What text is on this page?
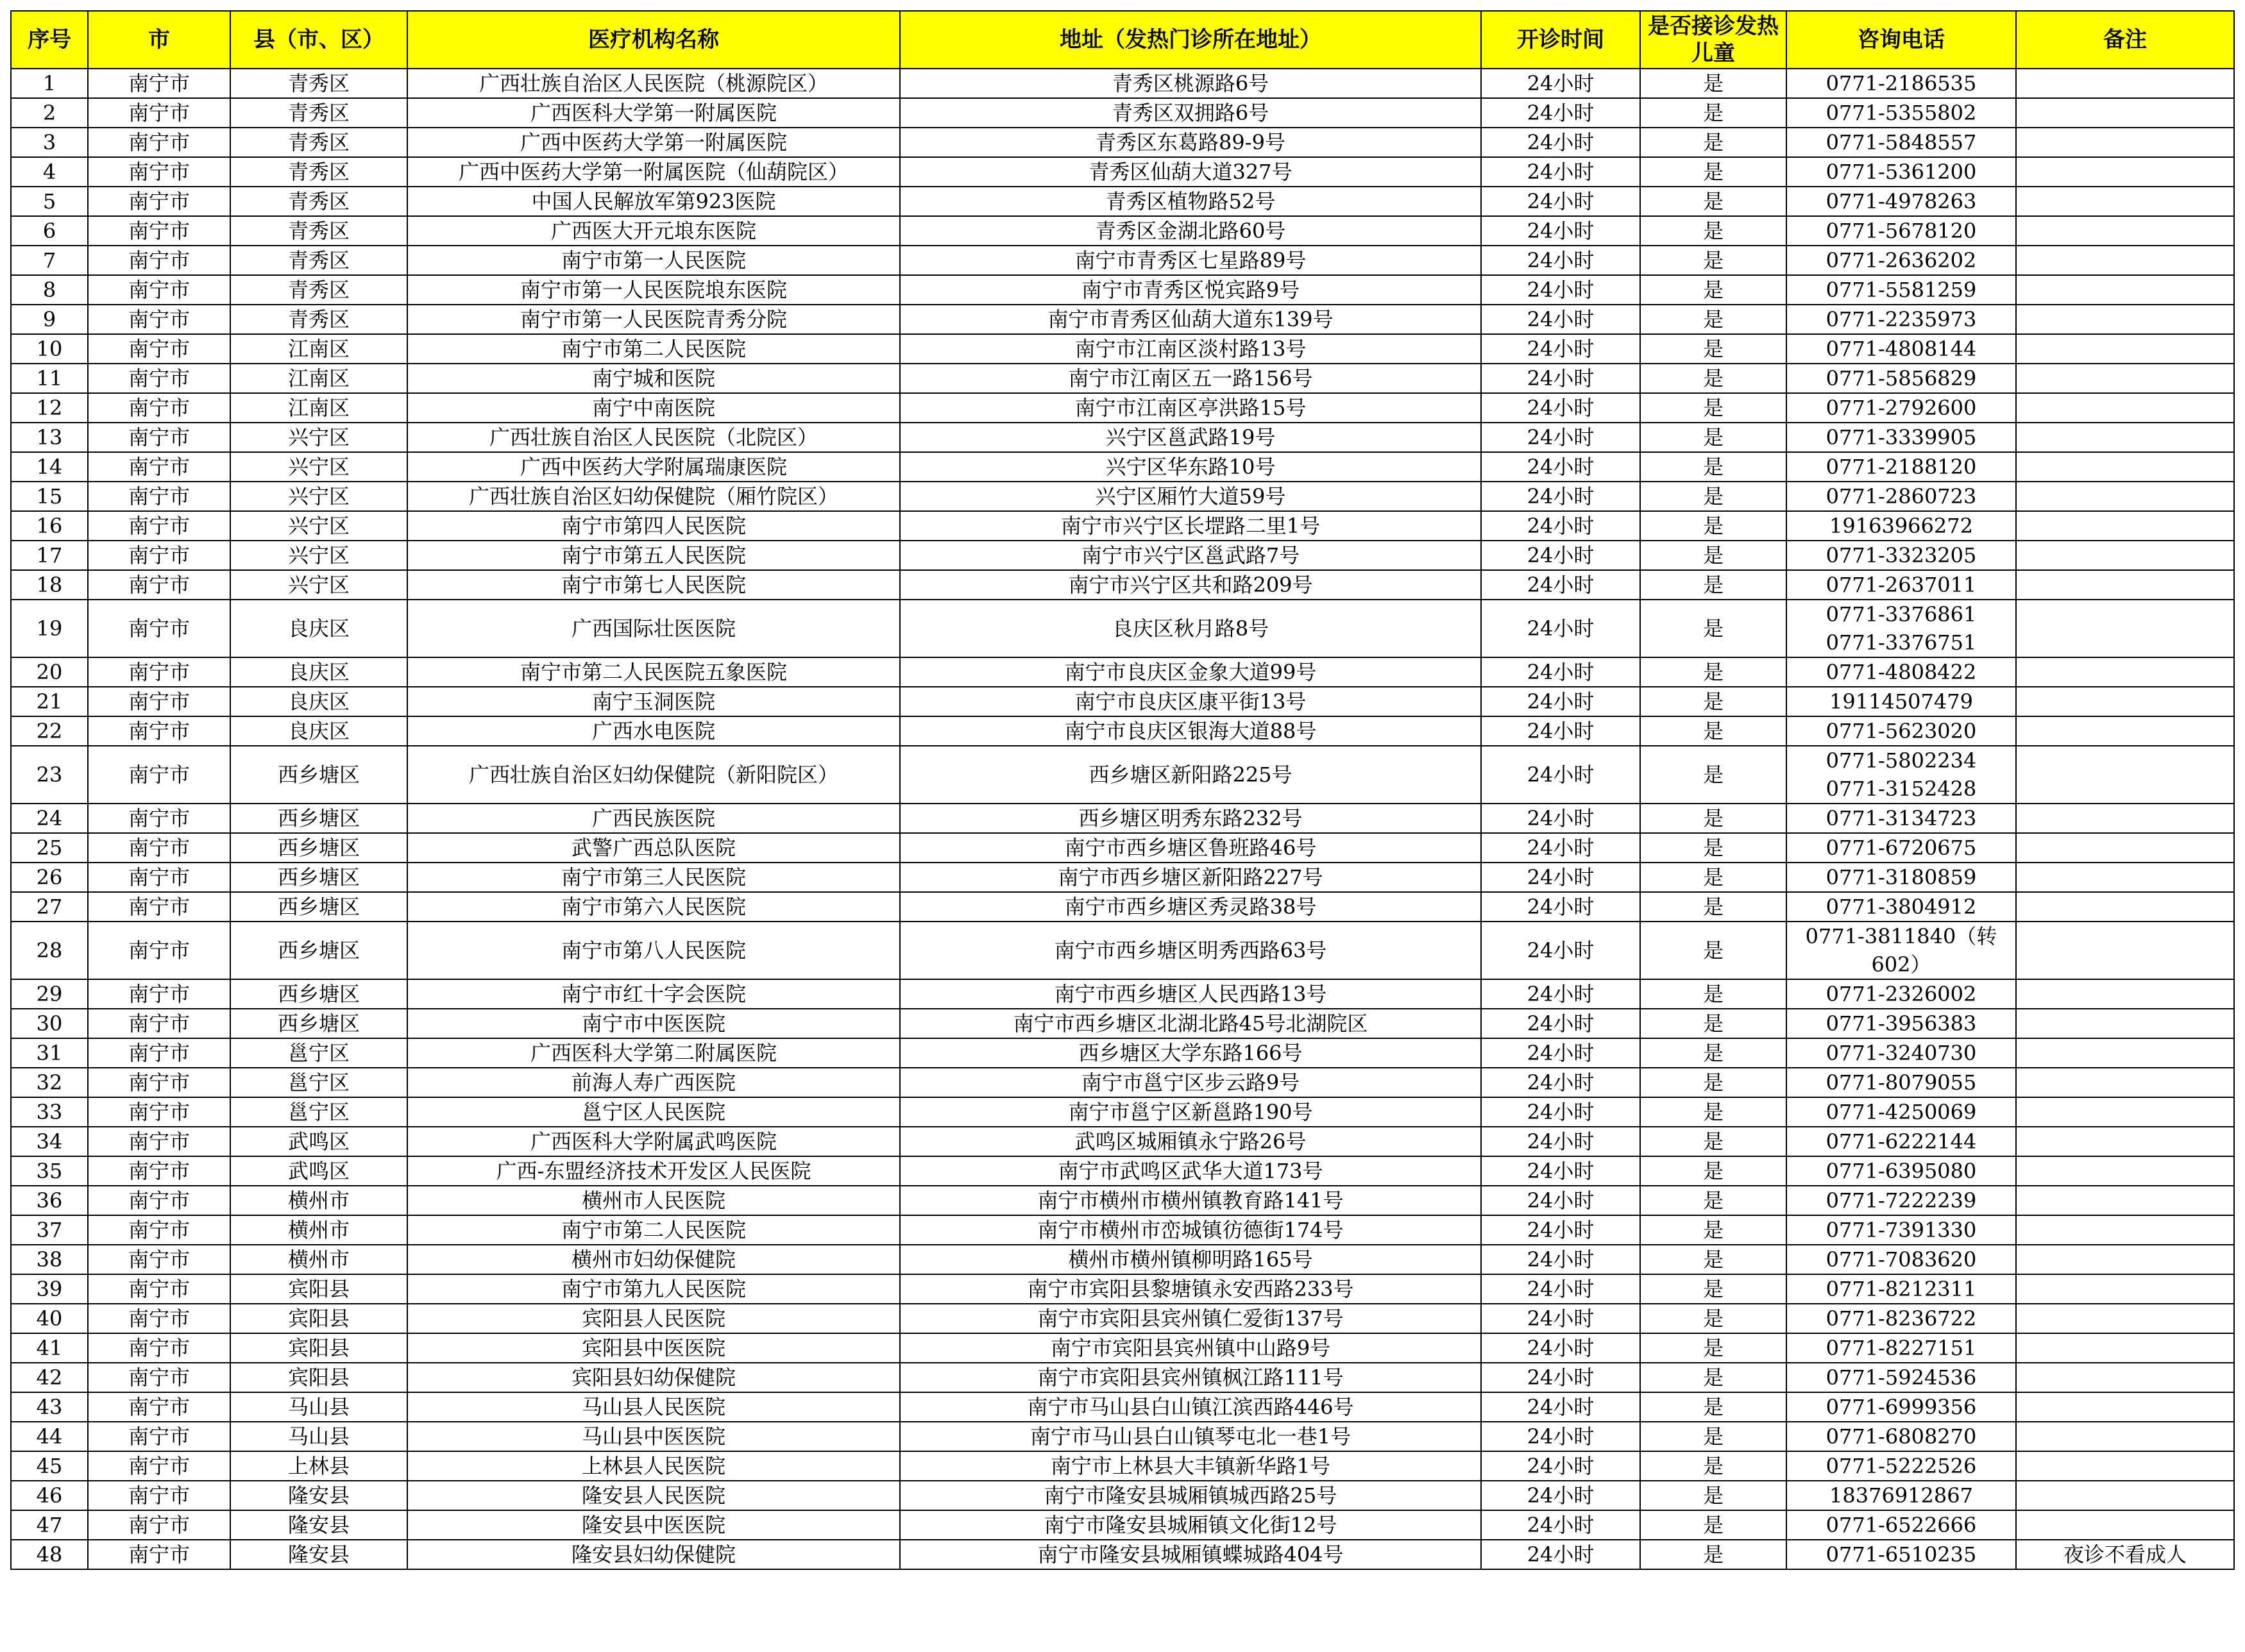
序号	市	县（市、区）	医疗机构名称	地址（发热门诊所在地址）	开诊时间	是否接诊发热儿童	咨询电话	备注
1	南宁市	青秀区	广西壮族自治区人民医院（桃源院区）	青秀区桃源路6号	24小时	是	0771-2186535	
2	南宁市	青秀区	广西医科大学第一附属医院	青秀区双拥路6号	24小时	是	0771-5355802	
3	南宁市	青秀区	广西中医药大学第一附属医院	青秀区东葛路89-9号	24小时	是	0771-5848557	
4	南宁市	青秀区	广西中医药大学第一附属医院（仙葫院区）	青秀区仙葫大道327号	24小时	是	0771-5361200	
5	南宁市	青秀区	中国人民解放军第923医院	青秀区植物路52号	24小时	是	0771-4978263	
6	南宁市	青秀区	广西医大开元埌东医院	青秀区金湖北路60号	24小时	是	0771-5678120	
7	南宁市	青秀区	南宁市第一人民医院	南宁市青秀区七星路89号	24小时	是	0771-2636202	
8	南宁市	青秀区	南宁市第一人民医院埌东医院	南宁市青秀区悦宾路9号	24小时	是	0771-5581259	
9	南宁市	青秀区	南宁市第一人民医院青秀分院	南宁市青秀区仙葫大道东139号	24小时	是	0771-2235973	
10	南宁市	江南区	南宁市第二人民医院	南宁市江南区淡村路13号	24小时	是	0771-4808144	
11	南宁市	江南区	南宁城和医院	南宁市江南区五一路156号	24小时	是	0771-5856829	
12	南宁市	江南区	南宁中南医院	南宁市江南区亭洪路15号	24小时	是	0771-2792600	
13	南宁市	兴宁区	广西壮族自治区人民医院（北院区）	兴宁区邕武路19号	24小时	是	0771-3339905	
14	南宁市	兴宁区	广西中医药大学附属瑞康医院	兴宁区华东路10号	24小时	是	0771-2188120	
15	南宁市	兴宁区	广西壮族自治区妇幼保健院（厢竹院区）	兴宁区厢竹大道59号	24小时	是	0771-2860723	
16	南宁市	兴宁区	南宁市第四人民医院	南宁市兴宁区长堽路二里1号	24小时	是	19163966272	
17	南宁市	兴宁区	南宁市第五人民医院	南宁市兴宁区邕武路7号	24小时	是	0771-3323205	
18	南宁市	兴宁区	南宁市第七人民医院	南宁市兴宁区共和路209号	24小时	是	0771-2637011	
19	南宁市	良庆区	广西国际壮医医院	良庆区秋月路8号	24小时	是	0771-3376861
0771-3376751	
20	南宁市	良庆区	南宁市第二人民医院五象医院	南宁市良庆区金象大道99号	24小时	是	0771-4808422	
21	南宁市	良庆区	南宁玉洞医院	南宁市良庆区康平街13号	24小时	是	19114507479	
22	南宁市	良庆区	广西水电医院	南宁市良庆区银海大道88号	24小时	是	0771-5623020	
23	南宁市	西乡塘区	广西壮族自治区妇幼保健院（新阳院区）	西乡塘区新阳路225号	24小时	是	0771-5802234
0771-3152428	
24	南宁市	西乡塘区	广西民族医院	西乡塘区明秀东路232号	24小时	是	0771-3134723	
25	南宁市	西乡塘区	武警广西总队医院	南宁市西乡塘区鲁班路46号	24小时	是	0771-6720675	
26	南宁市	西乡塘区	南宁市第三人民医院	南宁市西乡塘区新阳路227号	24小时	是	0771-3180859	
27	南宁市	西乡塘区	南宁市第六人民医院	南宁市西乡塘区秀灵路38号	24小时	是	0771-3804912	
28	南宁市	西乡塘区	南宁市第八人民医院	南宁市西乡塘区明秀西路63号	24小时	是	0771-3811840（转
602）	
29	南宁市	西乡塘区	南宁市红十字会医院	南宁市西乡塘区人民西路13号	24小时	是	0771-2326002	
30	南宁市	西乡塘区	南宁市中医医院	南宁市西乡塘区北湖北路45号北湖院区	24小时	是	0771-3956383	
31	南宁市	邕宁区	广西医科大学第二附属医院	西乡塘区大学东路166号	24小时	是	0771-3240730	
32	南宁市	邕宁区	前海人寿广西医院	南宁市邕宁区步云路9号	24小时	是	0771-8079055	
33	南宁市	邕宁区	邕宁区人民医院	南宁市邕宁区新邕路190号	24小时	是	0771-4250069	
34	南宁市	武鸣区	广西医科大学附属武鸣医院	武鸣区城厢镇永宁路26号	24小时	是	0771-6222144	
35	南宁市	武鸣区	广西-东盟经济技术开发区人民医院	南宁市武鸣区武华大道173号	24小时	是	0771-6395080	
36	南宁市	横州市	横州市人民医院	南宁市横州市横州镇教育路141号	24小时	是	0771-7222239	
37	南宁市	横州市	南宁市第二人民医院	南宁市横州市峦城镇彷德街174号	24小时	是	0771-7391330	
38	南宁市	横州市	横州市妇幼保健院	横州市横州镇柳明路165号	24小时	是	0771-7083620	
39	南宁市	宾阳县	南宁市第九人民医院	南宁市宾阳县黎塘镇永安西路233号	24小时	是	0771-8212311	
40	南宁市	宾阳县	宾阳县人民医院	南宁市宾阳县宾州镇仁爱街137号	24小时	是	0771-8236722	
41	南宁市	宾阳县	宾阳县中医医院	南宁市宾阳县宾州镇中山路9号	24小时	是	0771-8227151	
42	南宁市	宾阳县	宾阳县妇幼保健院	南宁市宾阳县宾州镇枫江路111号	24小时	是	0771-5924536	
43	南宁市	马山县	马山县人民医院	南宁市马山县白山镇江滨西路446号	24小时	是	0771-6999356	
44	南宁市	马山县	马山县中医医院	南宁市马山县白山镇琴屯北一巷1号	24小时	是	0771-6808270	
45	南宁市	上林县	上林县人民医院	南宁市上林县大丰镇新华路1号	24小时	是	0771-5222526	
46	南宁市	隆安县	隆安县人民医院	南宁市隆安县城厢镇城西路25号	24小时	是	18376912867	
47	南宁市	隆安县	隆安县中医医院	南宁市隆安县城厢镇文化街12号	24小时	是	0771-6522666	
48	南宁市	隆安县	隆安县妇幼保健院	南宁市隆安县城厢镇蝶城路404号	24小时	是	0771-6510235	夜诊不看成人
